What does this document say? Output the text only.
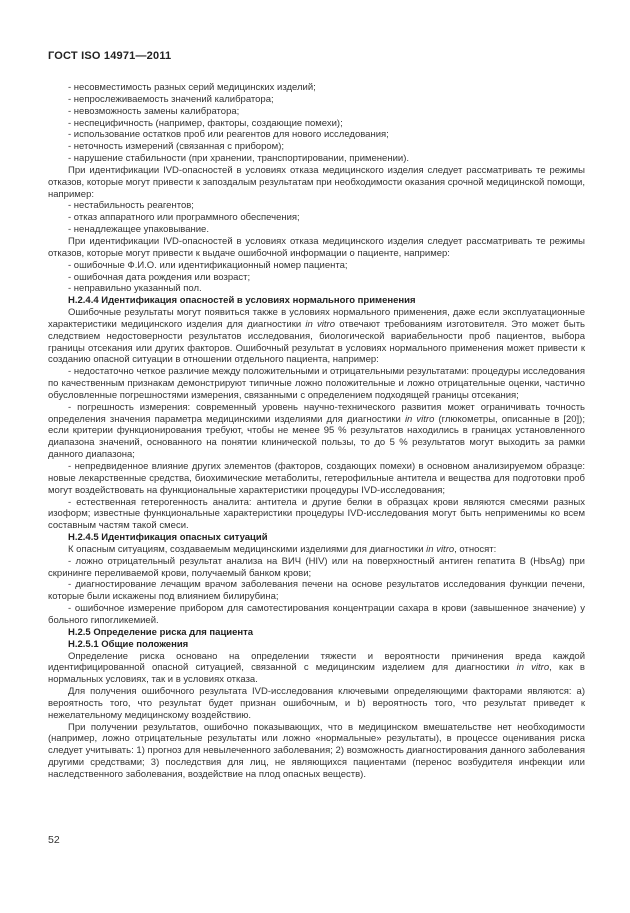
ГОСТ ISO 14971—2011

- несовместимость разных серий медицинских изделий;

- непрослеживаемость значений калибратора;

- невозможность замены калибратора;

- неспецифичность (например, факторы, создающие помехи);

- использование остатков проб или реагентов для нового исследования;

- неточность измерений (связанная с прибором);

- нарушение стабильности (при хранении, транспортировании, применении).

При идентификации IVD-опасностей в условиях отказа медицинского изделия следует рассматривать те режимы отказов, которые могут привести к запоздалым результатам при необходимости оказания срочной медицинской помощи, например:

- нестабильность реагентов;

- отказ аппаратного или программного обеспечения;

- ненадлежащее упаковывание.

При идентификации IVD-опасностей в условиях отказа медицинского изделия следует рассматривать те режимы отказов, которые могут привести к выдаче ошибочной информации о пациенте, например:

- ошибочные Ф.И.О. или идентификационный номер пациента;

- ошибочная дата рождения или возраст;

- неправильно указанный пол.

Н.2.4.4 Идентификация опасностей в условиях нормального применения

Ошибочные результаты могут появиться также в условиях нормального применения, даже если эксплуатационные характеристики медицинского изделия для диагностики in vitro отвечают требованиям изготовителя. Это может быть следствием недостоверности результатов исследования, биологической вариабельности проб пациентов, выбора границы отсекания или других факторов. Ошибочный результат в условиях нормального применения может привести к созданию опасной ситуации в отношении отдельного пациента, например:

- недостаточно четкое различие между положительными и отрицательными результатами: процедуры исследования по качественным признакам демонстрируют типичные ложно положительные и ложно отрицательные оценки, частично обусловленные погрешностями измерения, связанными с определением подходящей границы отсекания;

- погрешность измерения: современный уровень научно-технического развития может ограничивать точность определения значения параметра медицинскими изделиями для диагностики in vitro (глюкометры, описанные в [20]); если критерии функционирования требуют, чтобы не менее 95 % результатов находились в границах установленного диапазона значений, основанного на понятии клинической пользы, то до 5 % результатов могут выходить за рамки данного диапазона;

- непредвиденное влияние других элементов (факторов, создающих помехи) в основном анализируемом образце: новые лекарственные средства, биохимические метаболиты, гетерофильные антитела и вещества для подготовки проб могут воздействовать на функциональные характеристики процедуры IVD-исследования;

- естественная гетерогенность аналита: антитела и другие белки в образцах крови являются смесями разных изоформ; известные функциональные характеристики процедуры IVD-исследования могут быть неприменимы ко всем составным частям такой смеси.

Н.2.4.5 Идентификация опасных ситуаций

К опасным ситуациям, создаваемым медицинскими изделиями для диагностики in vitro, относят:

- ложно отрицательный результат анализа на ВИЧ (HIV) или на поверхностный антиген гепатита В (HbsAg) при скрининге переливаемой крови, получаемый банком крови;

- диагностирование лечащим врачом заболевания печени на основе результатов исследования функции печени, которые были искажены под влиянием билирубина;

- ошибочное измерение прибором для самотестирования концентрации сахара в крови (завышенное значение) у больного гипогликемией.

Н.2.5 Определение риска для пациента

Н.2.5.1 Общие положения

Определение риска основано на определении тяжести и вероятности причинения вреда каждой идентифицированной опасной ситуацией, связанной с медицинским изделием для диагностики in vitro, как в нормальных условиях, так и в условиях отказа.

Для получения ошибочного результата IVD-исследования ключевыми определяющими факторами являются: a) вероятность того, что результат будет признан ошибочным, и b) вероятность того, что результат приведет к нежелательному медицинскому воздействию.

При получении результатов, ошибочно показывающих, что в медицинском вмешательстве нет необходимости (например, ложно отрицательные результаты или ложно «нормальные» результаты), в процессе оценивания риска следует учитывать: 1) прогноз для невылеченного заболевания; 2) возможность диагностирования данного заболевания другими средствами; 3) последствия для лиц, не являющихся пациентами (перенос возбудителя инфекции или наследственного заболевания, воздействие на плод опасных веществ).

52
